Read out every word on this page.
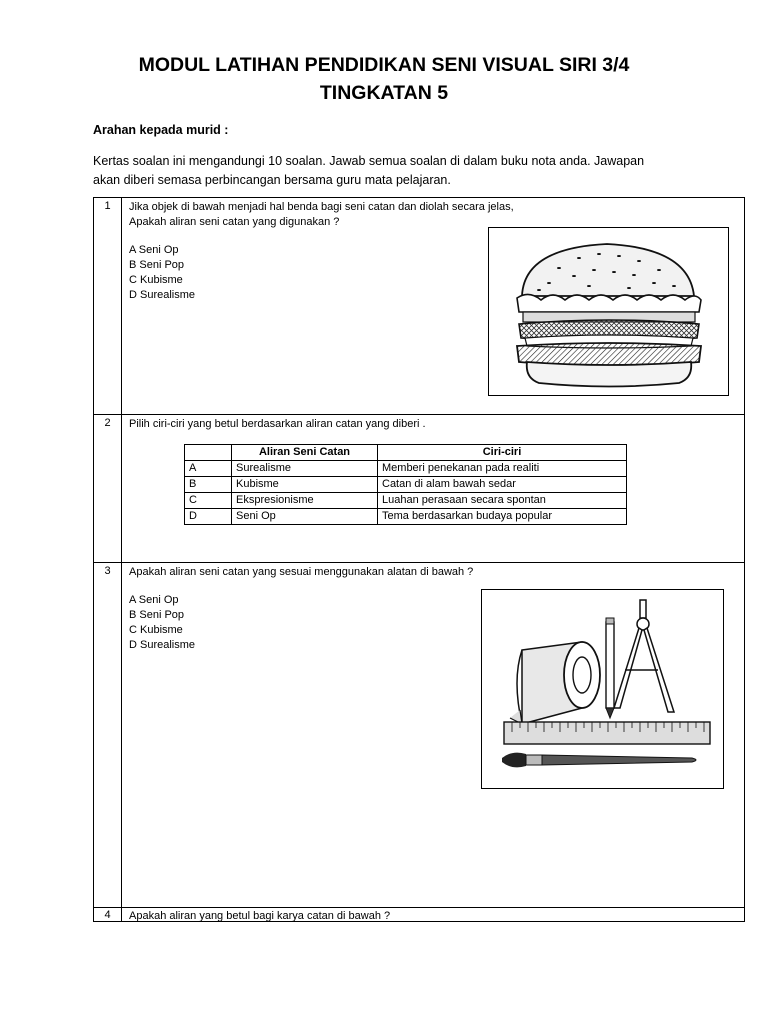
MODUL LATIHAN PENDIDIKAN SENI VISUAL SIRI 3/4
TINGKATAN 5
Arahan kepada murid :
Kertas soalan ini mengandungi 10 soalan. Jawab semua soalan di dalam buku nota anda. Jawapan
akan diberi semasa perbincangan bersama guru mata pelajaran.
1	Jika objek di bawah menjadi hal benda bagi seni catan dan diolah secara jelas,
Apakah aliran seni catan yang digunakan ?
A Seni Op
B Seni Pop
C Kubisme
D Surealisme
2	Pilih ciri-ciri yang betul berdasarkan aliran catan yang diberi .
	Aliran Seni Catan	Ciri-ciri
A	Surealisme	Memberi penekanan pada realiti
B	Kubisme	Catan di alam bawah sedar
C	Ekspresionisme	Luahan perasaan secara spontan
D	Seni Op	Tema berdasarkan budaya popular
3	Apakah aliran seni catan yang sesuai menggunakan alatan di bawah ?
A Seni Op
B Seni Pop
C Kubisme
D Surealisme
4	Apakah aliran yang betul bagi karya catan di bawah ?
